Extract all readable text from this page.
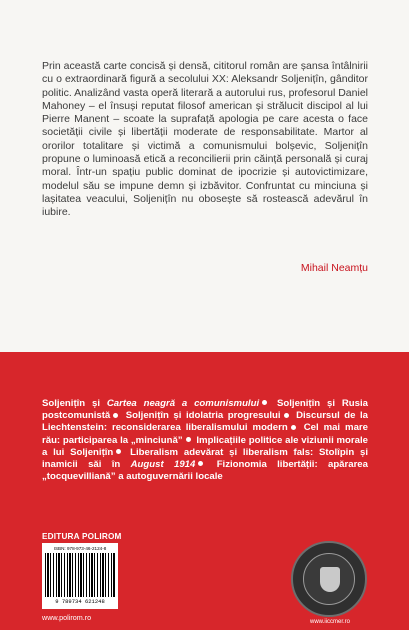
Prin această carte concisă și densă, cititorul român are șansa întâlnirii cu o extraordinară figură a secolului XX: Aleksandr Soljenițîn, gânditor politic. Analizând vasta operă literară a autorului rus, profesorul Daniel Mahoney – el însuși reputat filosof american și strălucit discipol al lui Pierre Manent – scoate la suprafață apologia pe care acesta o face societății civile și libertății moderate de responsabilitate. Martor al ororilor totalitare și victimă a comunismului bolșevic, Soljenițîn propune o luminoasă etică a reconcilierii prin căință personală și curaj moral. Într-un spațiu public dominat de ipocrizie și autovictimizare, modelul său se impune demn și izbăvitor. Confruntat cu minciuna și lașitatea veacului, Soljenițîn nu obosește să rostească adevărul în iubire.

Mihail Neamțu
Soljenițîn și Cartea neagră a comunismului Soljenițîn și Rusia postcomunistă Soljenițîn și idolatria progresului Discursul de la Liechtenstein: reconsiderarea liberalismului modern Cel mai mare rău: participarea la „minciună” Implicațiile politice ale viziunii morale a lui Soljenițîn Liberalism adevărat și liberalism fals: Stolîpin și inamicii săi în August 1914 Fizionomia libertății: apărarea „tocquevilliană” a autoguvernării locale
EDITURA POLIROM
ISBN: 978-973-46-2124-8
9 789734 621248
www.polirom.ro	www.iiccmer.ro
